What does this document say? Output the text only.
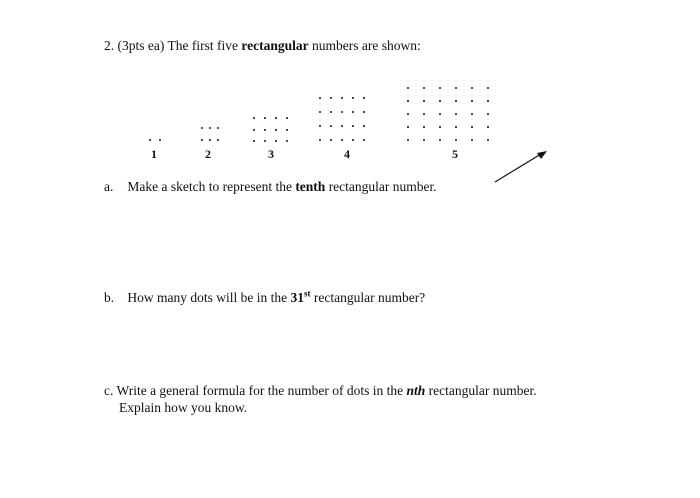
2. (3pts ea) The first five rectangular numbers are shown:
1	2	3	4	5
a. Make a sketch to represent the tenth rectangular number.
b. How many dots will be in the 31st rectangular number?
c. Write a general formula for the number of dots in the nth rectangular number.
Explain how you know.
